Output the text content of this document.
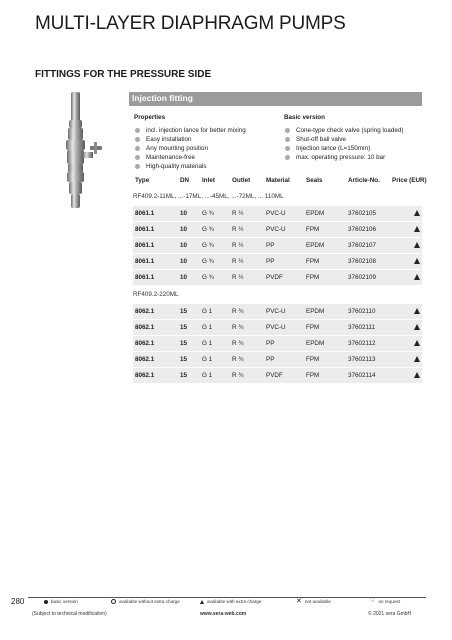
MULTI-LAYER DIAPHRAGM PUMPS
FITTINGS FOR THE PRESSURE SIDE
Injection fitting
Properties
incl. injection lance for better mixing
Easy installation
Any mounting position
Maintenance-free
High-quality materials
Basic version
Cone-type check valve (spring loaded)
Shut-off ball valve
Injection lance (L=150mm)
max. operating pressure: 10 bar
Type	DN	Inlet	Outlet	Material	Seals	Article-No.	Price (EUR)
RF409.2-11ML, ...-17ML, ...-45ML, ...-72ML, ... 110ML							
8061.1	10	G ¾	R ½	PVC-U	EPDM	37602105	
8061.1	10	G ¾	R ½	PVC-U	FPM	37602106	
8061.1	10	G ¾	R ½	PP	EPDM	37602107	
8061.1	10	G ¾	R ½	PP	FPM	37602108	
8061.1	10	G ¾	R ½	PVDF	FPM	37602109	
RF409.2-220ML							
8062.1	15	G 1	R ¾	PVC-U	EPDM	37602110	
8062.1	15	G 1	R ¾	PVC-U	FPM	37602111	
8062.1	15	G 1	R ¾	PP	EPDM	37602112	
8062.1	15	G 1	R ¾	PP	FPM	37602113	
8062.1	15	G 1	R ¾	PVDF	FPM	37602114	
280	basic version	available without extra charge	available with extra charge	✕ not available	☞ on request
(Subject to technical modification)	www.sera-web.com	© 2021 sera GmbH
